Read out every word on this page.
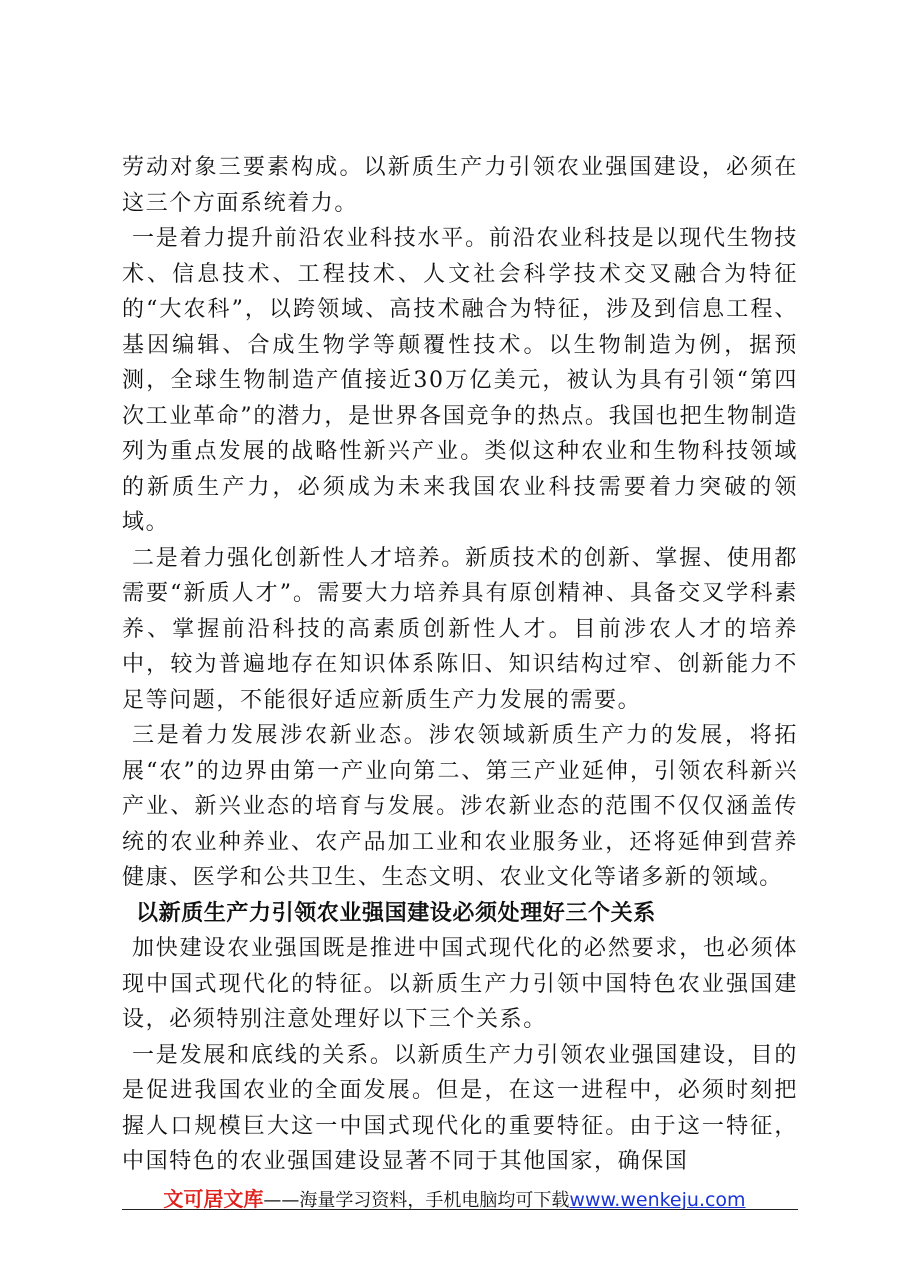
劳动对象三要素构成。以新质生产力引领农业强国建设，必须在这三个方面系统着力。

一是着力提升前沿农业科技水平。前沿农业科技是以现代生物技术、信息技术、工程技术、人文社会科学技术交叉融合为特征的“大农科”，以跨领域、高技术融合为特征，涉及到信息工程、基因编辑、合成生物学等颠覆性技术。以生物制造为例，据预测，全球生物制造产值接近30万亿美元，被认为具有引领“第四次工业革命”的潜力，是世界各国竞争的热点。我国也把生物制造列为重点发展的战略性新兴产业。类似这种农业和生物科技领域的新质生产力，必须成为未来我国农业科技需要着力突破的领域。

二是着力强化创新性人才培养。新质技术的创新、掌握、使用都需要“新质人才”。需要大力培养具有原创精神、具备交叉学科素养、掌握前沿科技的高素质创新性人才。目前涉农人才的培养中，较为普遍地存在知识体系陈旧、知识结构过窄、创新能力不足等问题，不能很好适应新质生产力发展的需要。

三是着力发展涉农新业态。涉农领域新质生产力的发展，将拓展“农”的边界由第一产业向第二、第三产业延伸，引领农科新兴产业、新兴业态的培育与发展。涉农新业态的范围不仅仅涵盖传统的农业种养业、农产品加工业和农业服务业，还将延伸到营养健康、医学和公共卫生、生态文明、农业文化等诸多新的领域。

以新质生产力引领农业强国建设必须处理好三个关系

加快建设农业强国既是推进中国式现代化的必然要求，也必须体现中国式现代化的特征。以新质生产力引领中国特色农业强国建设，必须特别注意处理好以下三个关系。

一是发展和底线的关系。以新质生产力引领农业强国建设，目的是促进我国农业的全面发展。但是，在这一进程中，必须时刻把握人口规模巨大这一中国式现代化的重要特征。由于这一特征，中国特色的农业强国建设显著不同于其他国家，确保国

文可居文库——海量学习资料，手机电脑均可下载www.wenkeju.com
